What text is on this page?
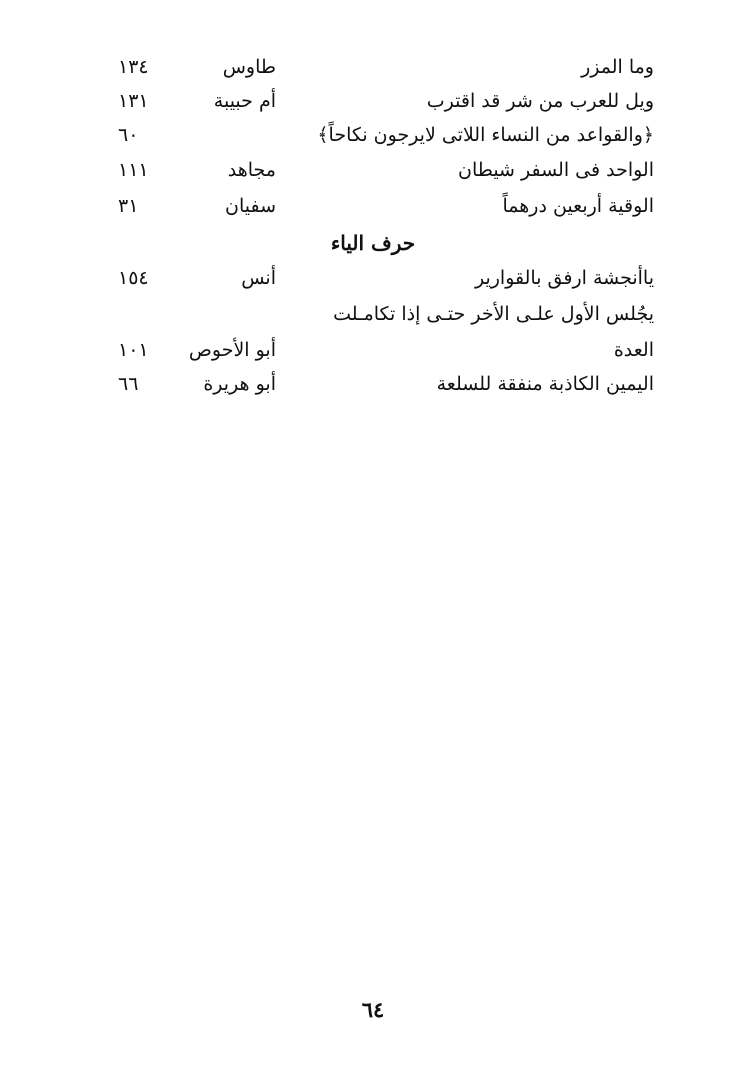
وما المزر
طاوس
١٣٤
ويل للعرب من شر قد اقترب
أم حبيبة
١٣١
﴿والقواعد من النساء اللاتى لايرجون نكاحاً﴾
٦٠
الواحد فى السفر شيطان
مجاهد
١١١
الوقية أربعين درهماً
سفيان
٣١
حرف الياء
ياأنجشة ارفق بالقوارير
أنس
١٥٤
يجُلس الأول علـى الأخر حتـى إذا تكامـلت
العدة
أبو الأحوص
١٠١
اليمين الكاذبة منفقة للسلعة
أبو هريرة
٦٦
٦٤
